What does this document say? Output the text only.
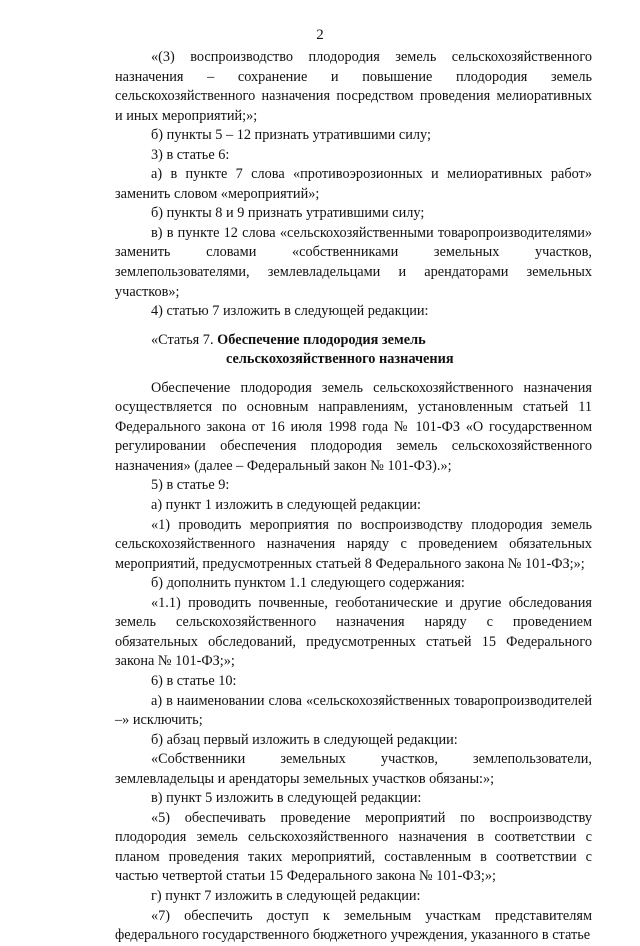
2

«(3) воспроизводство плодородия земель сельскохозяйственного назначения – сохранение и повышение плодородия земель сельскохозяйственного назначения посредством проведения мелиоративных и иных мероприятий;»;

б) пункты 5 – 12 признать утратившими силу;

3) в статье 6:

а) в пункте 7 слова «противоэрозионных и мелиоративных работ» заменить словом «мероприятий»;

б) пункты 8 и 9 признать утратившими силу;

в) в пункте 12 слова «сельскохозяйственными товаропроизводителями» заменить словами «собственниками земельных участков, землепользователями, землевладельцами и арендаторами земельных участков»;

4) статью 7 изложить в следующей редакции:

«Статья 7. Обеспечение плодородия земель
сельскохозяйственного назначения

Обеспечение плодородия земель сельскохозяйственного назначения осуществляется по основным направлениям, установленным статьей 11 Федерального закона от 16 июля 1998 года № 101-ФЗ «О государственном регулировании обеспечения плодородия земель сельскохозяйственного назначения» (далее – Федеральный закон № 101-ФЗ).»;

5) в статье 9:

а) пункт 1 изложить в следующей редакции:

«1) проводить мероприятия по воспроизводству плодородия земель сельскохозяйственного назначения наряду с проведением обязательных мероприятий, предусмотренных статьей 8 Федерального закона № 101-ФЗ;»;

б) дополнить пунктом 1.1 следующего содержания:

«1.1) проводить почвенные, геоботанические и другие обследования земель сельскохозяйственного назначения наряду с проведением обязательных обследований, предусмотренных статьей 15 Федерального закона № 101-ФЗ;»;

6) в статье 10:

а) в наименовании слова «сельскохозяйственных товаропроизводителей –» исключить;

б) абзац первый изложить в следующей редакции:

«Собственники земельных участков, землепользователи, землевладельцы и арендаторы земельных участков обязаны:»;

в) пункт 5 изложить в следующей редакции:

«5) обеспечивать проведение мероприятий по воспроизводству плодородия земель сельскохозяйственного назначения в соответствии с планом проведения таких мероприятий, составленным в соответствии с частью четвертой статьи 15 Федерального закона № 101-ФЗ;»;

г) пункт 7 изложить в следующей редакции:

«7) обеспечить доступ к земельным участкам представителям федерального государственного бюджетного учреждения, указанного в статье
